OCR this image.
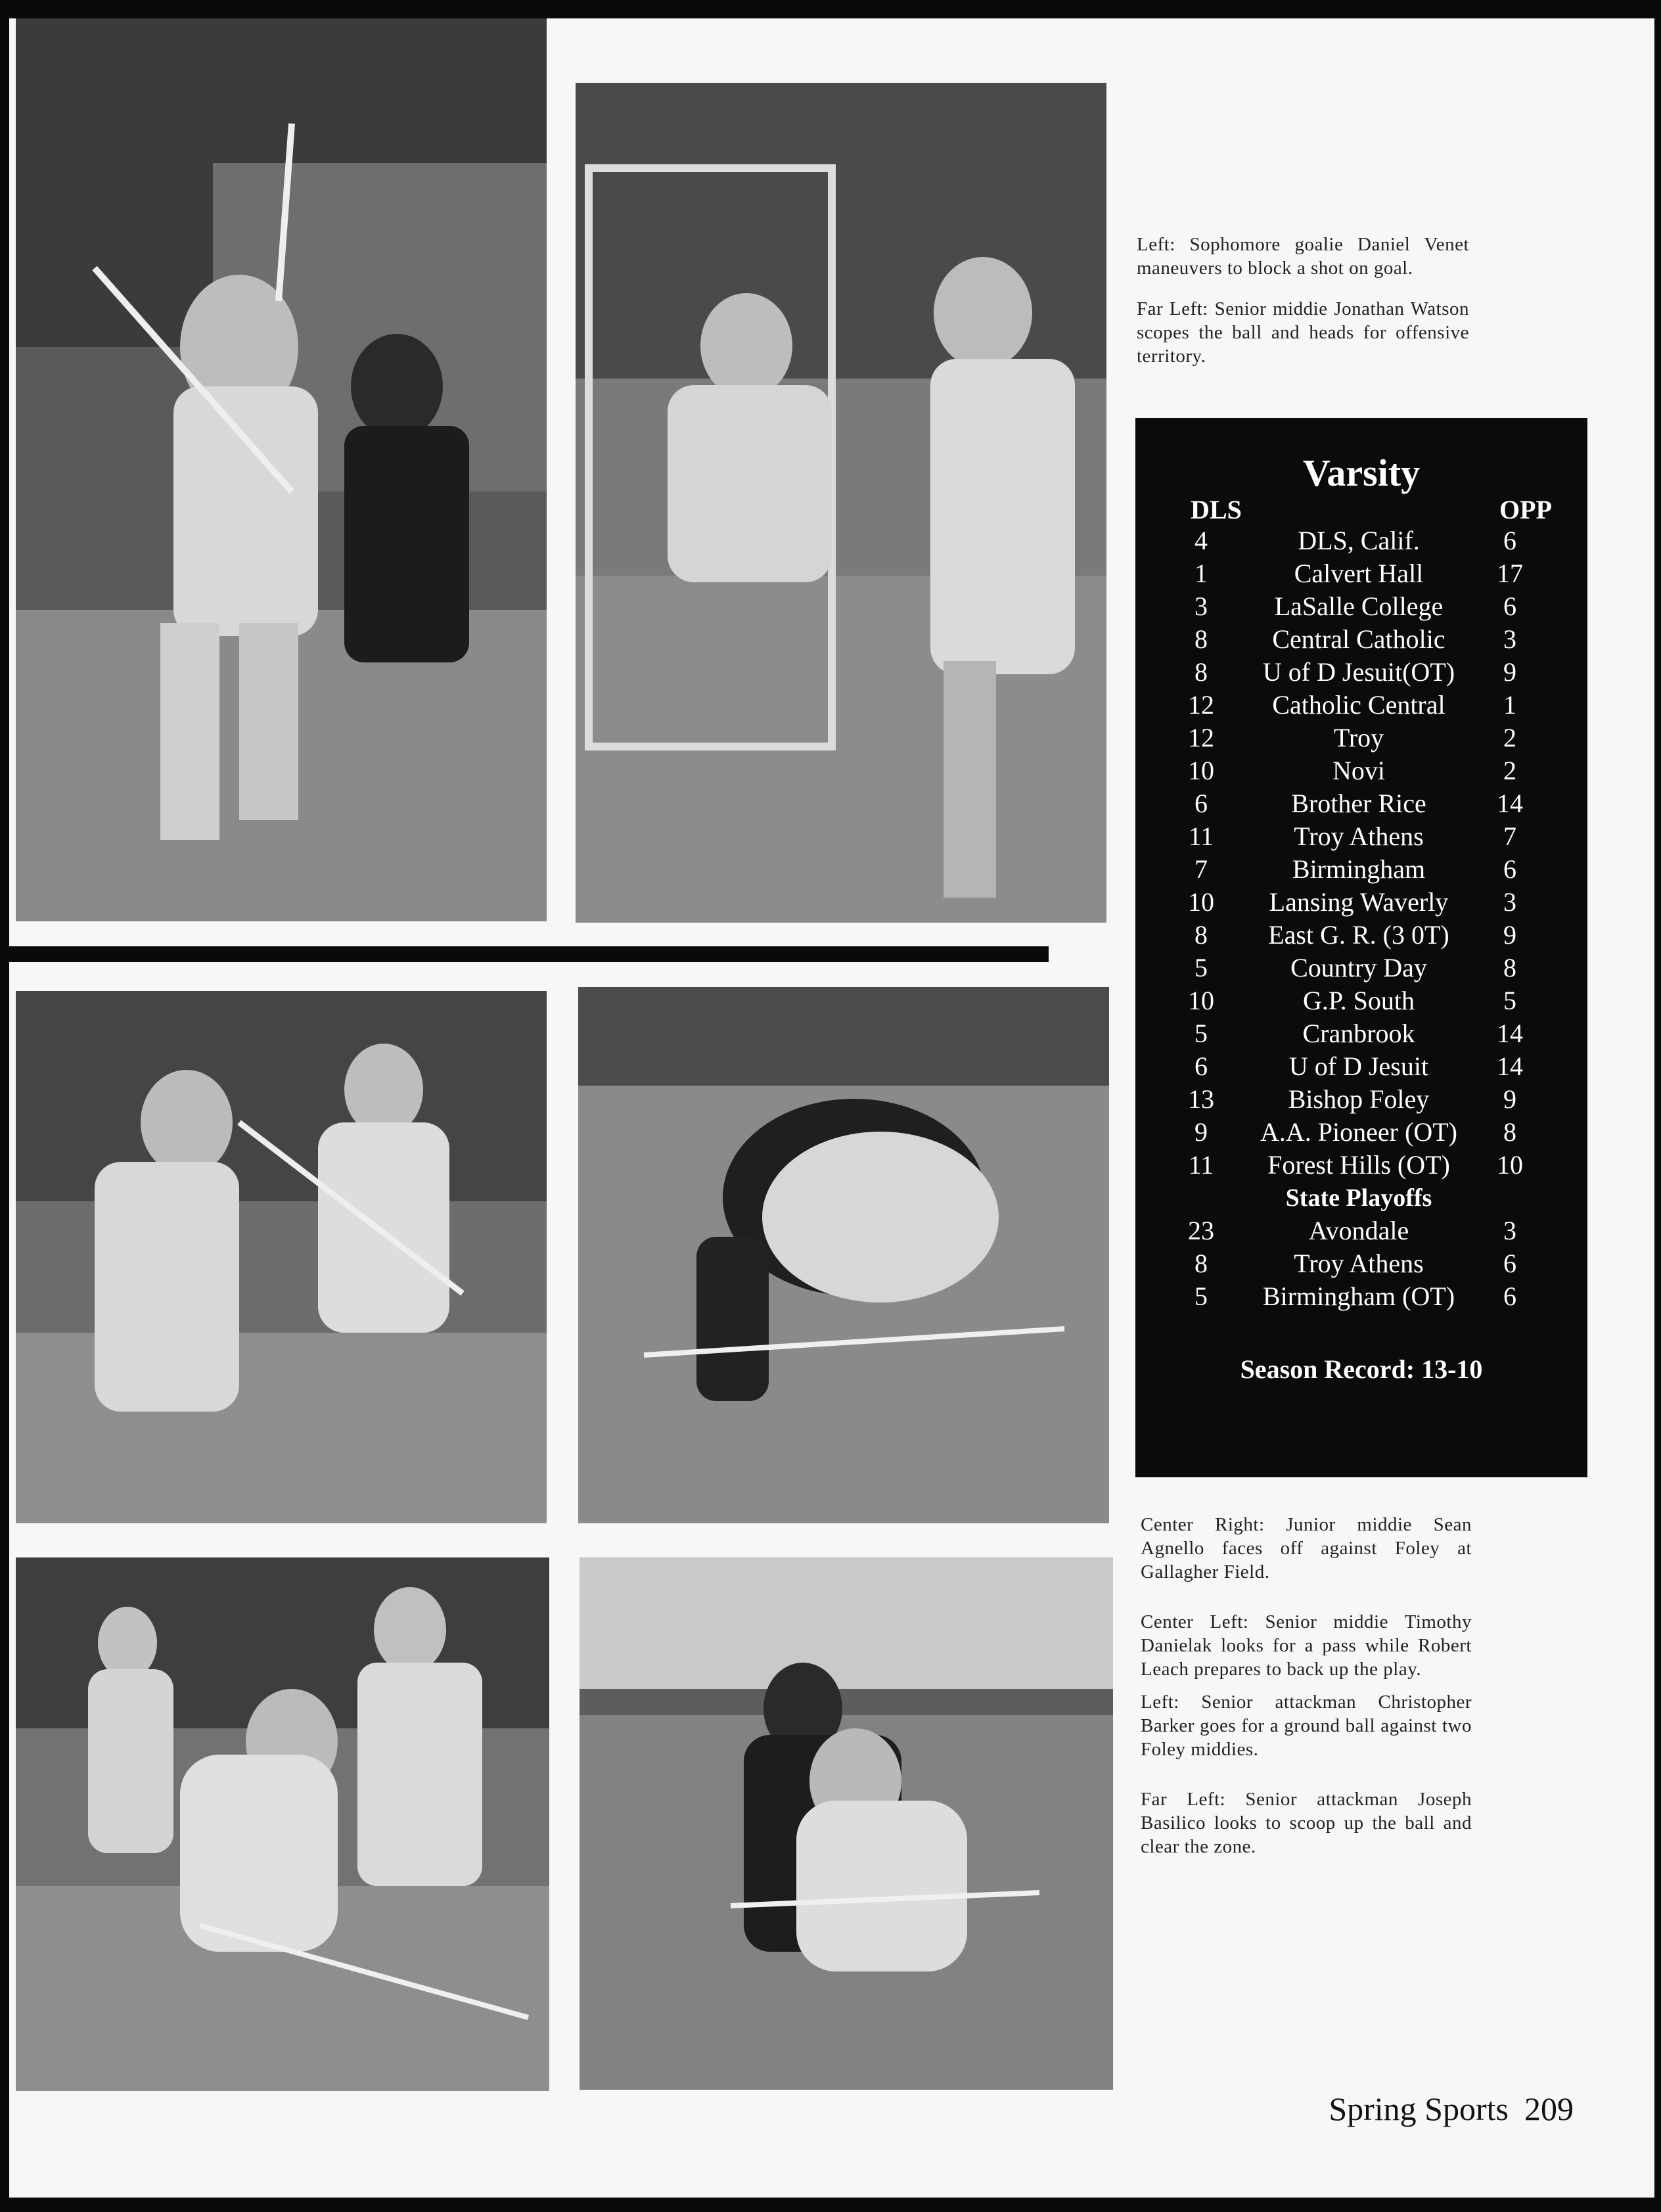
Left: Sophomore goalie Daniel Venet maneuvers to block a shot on goal.

Far Left: Senior middie Jonathan Watson scopes the ball and heads for offensive territory.

Varsity
DLS	OPP
4	DLS, Calif.	6
1	Calvert Hall	17
3	LaSalle College	6
8	Central Catholic	3
8	U of D Jesuit(OT)	9
12	Catholic Central	1
12	Troy	2
10	Novi	2
6	Brother Rice	14
11	Troy Athens	7
7	Birmingham	6
10	Lansing Waverly	3
8	East G. R. (3 0T)	9
5	Country Day	8
10	G.P. South	5
5	Cranbrook	14
6	U of D Jesuit	14
13	Bishop Foley	9
9	A.A. Pioneer (OT)	8
11	Forest Hills (OT)	10
State Playoffs
23	Avondale	3
8	Troy Athens	6
5	Birmingham (OT)	6
Season Record: 13-10

Center Right: Junior middie Sean Agnello faces off against Foley at Gallagher Field.

Center Left: Senior middie Timothy Danielak looks for a pass while Robert Leach prepares to back up the play.

Left: Senior attackman Christopher Barker goes for a ground ball against two Foley middies.

Far Left: Senior attackman Joseph Basilico looks to scoop up the ball and clear the zone.

Spring Sports 209
